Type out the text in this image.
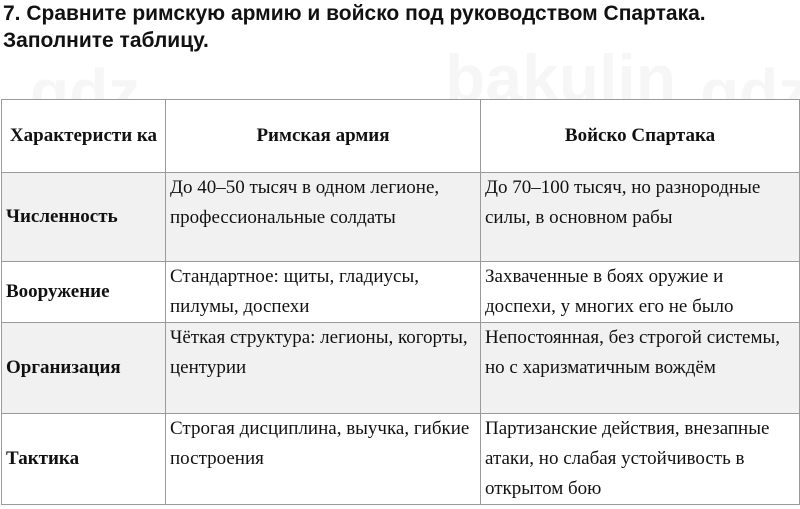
7. Сравните римскую армию и войско под руководством Спартака.
Заполните таблицу.
Характеристи ка	Римская армия	Войско Спартака
Численность	До 40–50 тысяч в одном легионе, профессиональные солдаты	До 70–100 тысяч, но разнородные силы, в основном рабы
Вооружение	Стандартное: щиты, гладиусы, пилумы, доспехи	Захваченные в боях оружие и доспехи, у многих его не было
Организация	Чёткая структура: легионы, когорты, центурии	Непостоянная, без строгой системы, но с харизматичным вождём
Тактика	Строгая дисциплина, выучка, гибкие построения	Партизанские действия, внезапные атаки, но слабая устойчивость в открытом бою
